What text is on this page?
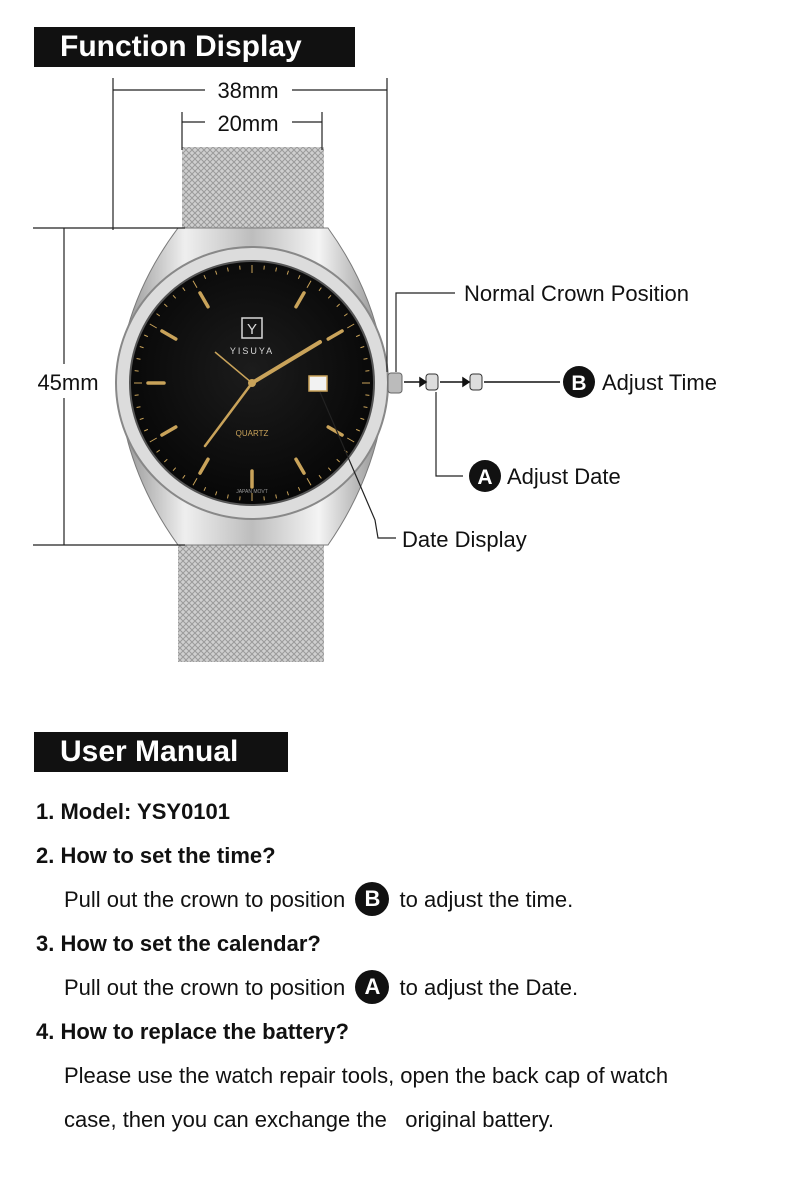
Function Display
Y
YISUYA
QUARTZ
JAPAN MOVT
38mm
20mm
45mm
Normal Crown Position
B Adjust Time
A Adjust Date
Date Display
User Manual
1. Model: YSY0101
2. How to set the time?
Pull out the crown to position B to adjust the time.
3. How to set the calendar?
Pull out the crown to position A to adjust the Date.
4. How to replace the battery?
Please use the watch repair tools, open the back cap of watch
case, then you can exchange the   original battery.
